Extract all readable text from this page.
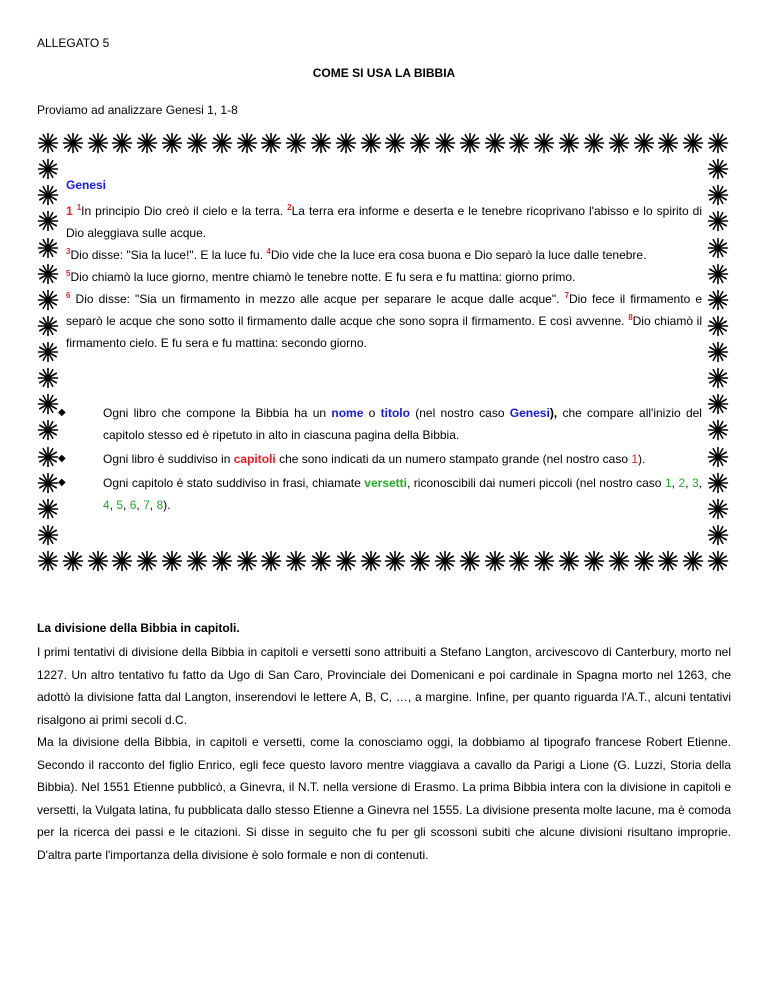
ALLEGATO 5
COME SI USA LA BIBBIA
Proviamo ad analizzare Genesi 1, 1-8
Genesi

1 $^1$In principio Dio creò il cielo e la terra. $^2$La terra era informe e deserta e le tenebre ricoprivano l'abisso e lo spirito di Dio aleggiava sulle acque.

$^3$Dio disse: "Sia la luce!". E la luce fu. $^4$Dio vide che la luce era cosa buona e Dio separò la luce dalle tenebre.

$^5$Dio chiamò la luce giorno, mentre chiamò le tenebre notte. E fu sera e fu mattina: giorno primo.

$^6$ Dio disse: "Sia un firmamento in mezzo alle acque per separare le acque dalle acque". $^7$Dio fece il firmamento e separò le acque che sono sotto il firmamento dalle acque che sono sopra il firmamento. E così avvenne. $^8$Dio chiamò il firmamento cielo. E fu sera e fu mattina: secondo giorno.

◆	Ogni libro che compone la Bibbia ha un nome o titolo (nel nostro caso Genesi), che compare all'inizio del capitolo stesso ed è ripetuto in alto in ciascuna pagina della Bibbia.
◆	Ogni libro è suddiviso in capitoli che sono indicati da un numero stampato grande (nel nostro caso 1).
◆	Ogni capitolo è stato suddiviso in frasi, chiamate versetti, riconoscibili dai numeri piccoli (nel nostro caso 1, 2, 3, 4, 5, 6, 7, 8).
La divisione della Bibbia in capitoli.

I primi tentativi di divisione della Bibbia in capitoli e versetti sono attribuiti a Stefano Langton, arcivescovo di Canterbury, morto nel 1227. Un altro tentativo fu fatto da Ugo di San Caro, Provinciale dei Domenicani e poi cardinale in Spagna morto nel 1263, che adottò la divisione fatta dal Langton, inserendovi le lettere A, B, C, …, a margine. Infine, per quanto riguarda l'A.T., alcuni tentativi risalgono ai primi secoli d.C.

Ma la divisione della Bibbia, in capitoli e versetti, come la conosciamo oggi, la dobbiamo al tipografo francese Robert Etienne. Secondo il racconto del figlio Enrico, egli fece questo lavoro mentre viaggiava a cavallo da Parigi a Lione (G. Luzzi, Storia della Bibbia). Nel 1551 Etienne pubblicò, a Ginevra, il N.T. nella versione di Erasmo. La prima Bibbia intera con la divisione in capitoli e versetti, la Vulgata latina, fu pubblicata dallo stesso Etienne a Ginevra nel 1555. La divisione presenta molte lacune, ma è comoda per la ricerca dei passi e le citazioni. Si disse in seguito che fu per gli scossoni subiti che alcune divisioni risultano improprie. D'altra parte l'importanza della divisione è solo formale e non di contenuti.
